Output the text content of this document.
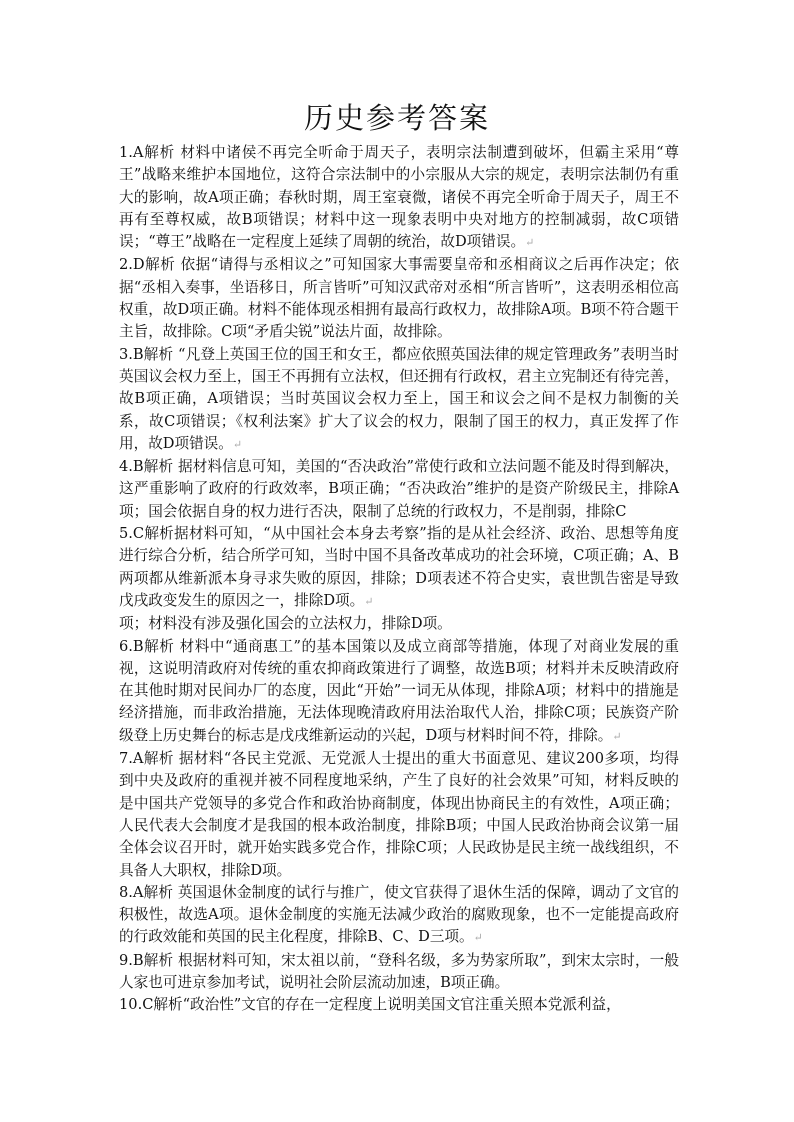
历史参考答案

1.A解析 材料中诸侯不再完全听命于周天子，表明宗法制遭到破坏，但霸主采用“尊王”战略来维护本国地位，这符合宗法制中的小宗服从大宗的规定，表明宗法制仍有重大的影响，故A项正确；春秋时期，周王室衰微，诸侯不再完全听命于周天子，周王不再有至尊权威，故B项错误；材料中这一现象表明中央对地方的控制减弱，故C项错误；“尊王”战略在一定程度上延续了周朝的统治，故D项错误。↵

2.D解析 依据“请得与丞相议之”可知国家大事需要皇帝和丞相商议之后再作决定；依据“丞相入奏事，坐语移日，所言皆听”可知汉武帝对丞相“所言皆听”，这表明丞相位高权重，故D项正确。材料不能体现丞相拥有最高行政权力，故排除A项。B项不符合题干主旨，故排除。C项“矛盾尖锐”说法片面，故排除。

3.B解析 “凡登上英国王位的国王和女王，都应依照英国法律的规定管理政务”表明当时英国议会权力至上，国王不再拥有立法权，但还拥有行政权，君主立宪制还有待完善，故B项正确，A项错误；当时英国议会权力至上，国王和议会之间不是权力制衡的关系，故C项错误；《权利法案》扩大了议会的权力，限制了国王的权力，真正发挥了作用，故D项错误。↵

4.B解析 据材料信息可知，美国的“否决政治”常使行政和立法问题不能及时得到解决，这严重影响了政府的行政效率，B项正确；“否决政治”维护的是资产阶级民主，排除A项；国会依据自身的权力进行否决，限制了总统的行政权力，不是削弱，排除C

5.C解析据材料可知，“从中国社会本身去考察”指的是从社会经济、政治、思想等角度进行综合分析，结合所学可知，当时中国不具备改革成功的社会环境，C项正确；A、B两项都从维新派本身寻求失败的原因，排除；D项表述不符合史实，袁世凯告密是导致戊戌政变发生的原因之一，排除D项。↵

项；材料没有涉及强化国会的立法权力，排除D项。

6.B解析 材料中“通商惠工”的基本国策以及成立商部等措施，体现了对商业发展的重视，这说明清政府对传统的重农抑商政策进行了调整，故选B项；材料并未反映清政府在其他时期对民间办厂的态度，因此“开始”一词无从体现，排除A项；材料中的措施是经济措施，而非政治措施，无法体现晚清政府用法治取代人治，排除C项；民族资产阶级登上历史舞台的标志是戊戌维新运动的兴起，D项与材料时间不符，排除。↵

7.A解析 据材料“各民主党派、无党派人士提出的重大书面意见、建议200多项，均得到中央及政府的重视并被不同程度地采纳，产生了良好的社会效果”可知，材料反映的是中国共产党领导的多党合作和政治协商制度，体现出协商民主的有效性，A项正确；人民代表大会制度才是我国的根本政治制度，排除B项；中国人民政治协商会议第一届全体会议召开时，就开始实践多党合作，排除C项；人民政协是民主统一战线组织，不具备人大职权，排除D项。

8.A解析 英国退休金制度的试行与推广，使文官获得了退休生活的保障，调动了文官的积极性，故选A项。退休金制度的实施无法减少政治的腐败现象，也不一定能提高政府的行政效能和英国的民主化程度，排除B、C、D三项。↵

9.B解析 根据材料可知，宋太祖以前，“登科名级，多为势家所取”，到宋太宗时，一般人家也可进京参加考试，说明社会阶层流动加速，B项正确。

10.C解析“政治性”文官的存在一定程度上说明美国文官注重关照本党派利益，
